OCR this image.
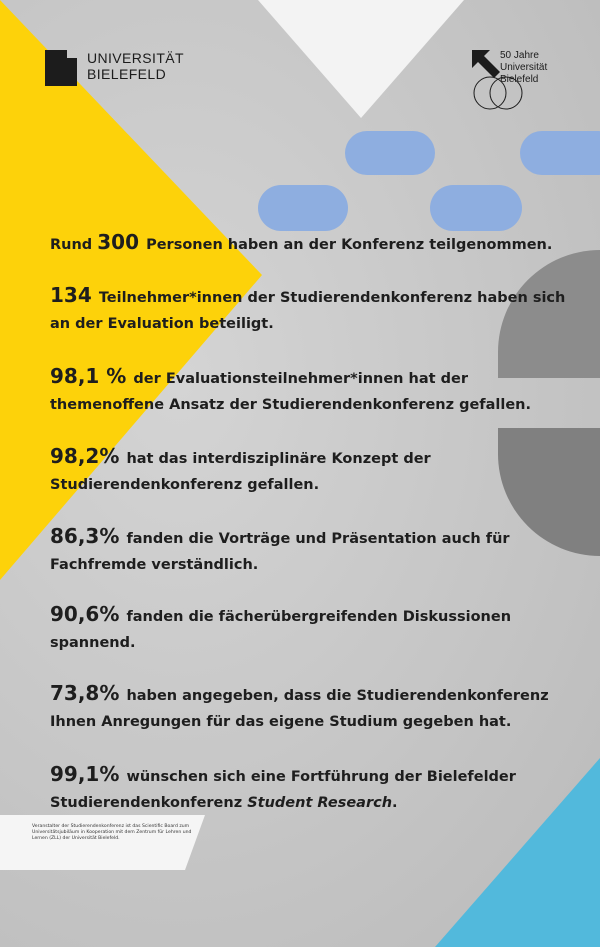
UNIVERSITÄT
BIELEFELD
50 Jahre
Universität
Bielefeld
Rund 300 Personen haben an der Konferenz teilgenommen.
134 Teilnehmer*innen der Studierendenkonferenz haben sich an der Evaluation beteiligt.
98,1 % der Evaluationsteilnehmer*innen hat der themenoffene Ansatz der Studierendenkonferenz gefallen.
98,2% hat das interdisziplinäre Konzept der Studierendenkonferenz gefallen.
86,3% fanden die Vorträge und Präsentation auch für Fachfremde verständlich.
90,6% fanden die fächerübergreifenden Diskussionen spannend.
73,8% haben angegeben, dass die Studierendenkonferenz Ihnen Anregungen für das eigene Studium gegeben hat.
99,1% wünschen sich eine Fortführung der Bielefelder Studierendenkonferenz Student Research.
Veranstalter der Studierendenkonferenz ist das Scientific Board zum Universitätsjubiläum in Kooperation mit dem Zentrum für Lehren und Lernen (ZLL) der Universität Bielefeld.
